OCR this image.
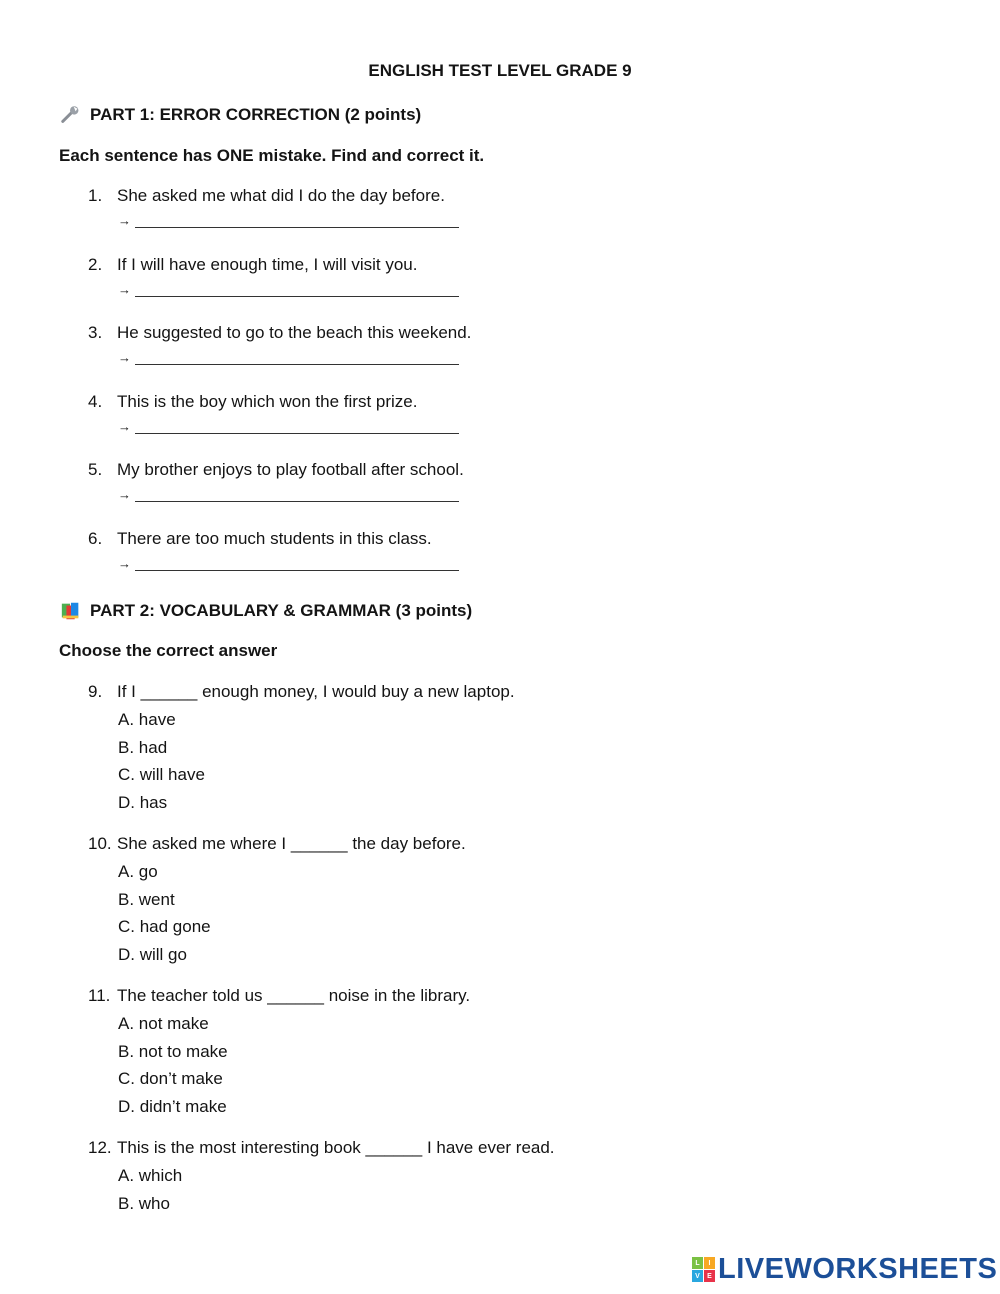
ENGLISH TEST LEVEL GRADE 9
PART 1: ERROR CORRECTION (2 points)
Each sentence has ONE mistake. Find and correct it.
1. She asked me what did I do the day before.
→
2. If I will have enough time, I will visit you.
→
3. He suggested to go to the beach this weekend.
→
4. This is the boy which won the first prize.
→
5. My brother enjoys to play football after school.
→
6. There are too much students in this class.
→
PART 2: VOCABULARY & GRAMMAR (3 points)
Choose the correct answer
9. If I ______ enough money, I would buy a new laptop.
A. have
B. had
C. will have
D. has
10. She asked me where I ______ the day before.
A. go
B. went
C. had gone
D. will go
11. The teacher told us ______ noise in the library.
A. not make
B. not to make
C. don’t make
D. didn’t make
12. This is the most interesting book ______ I have ever read.
A. which
B. who
L	I
V	E LIVEWORKSHEETS
